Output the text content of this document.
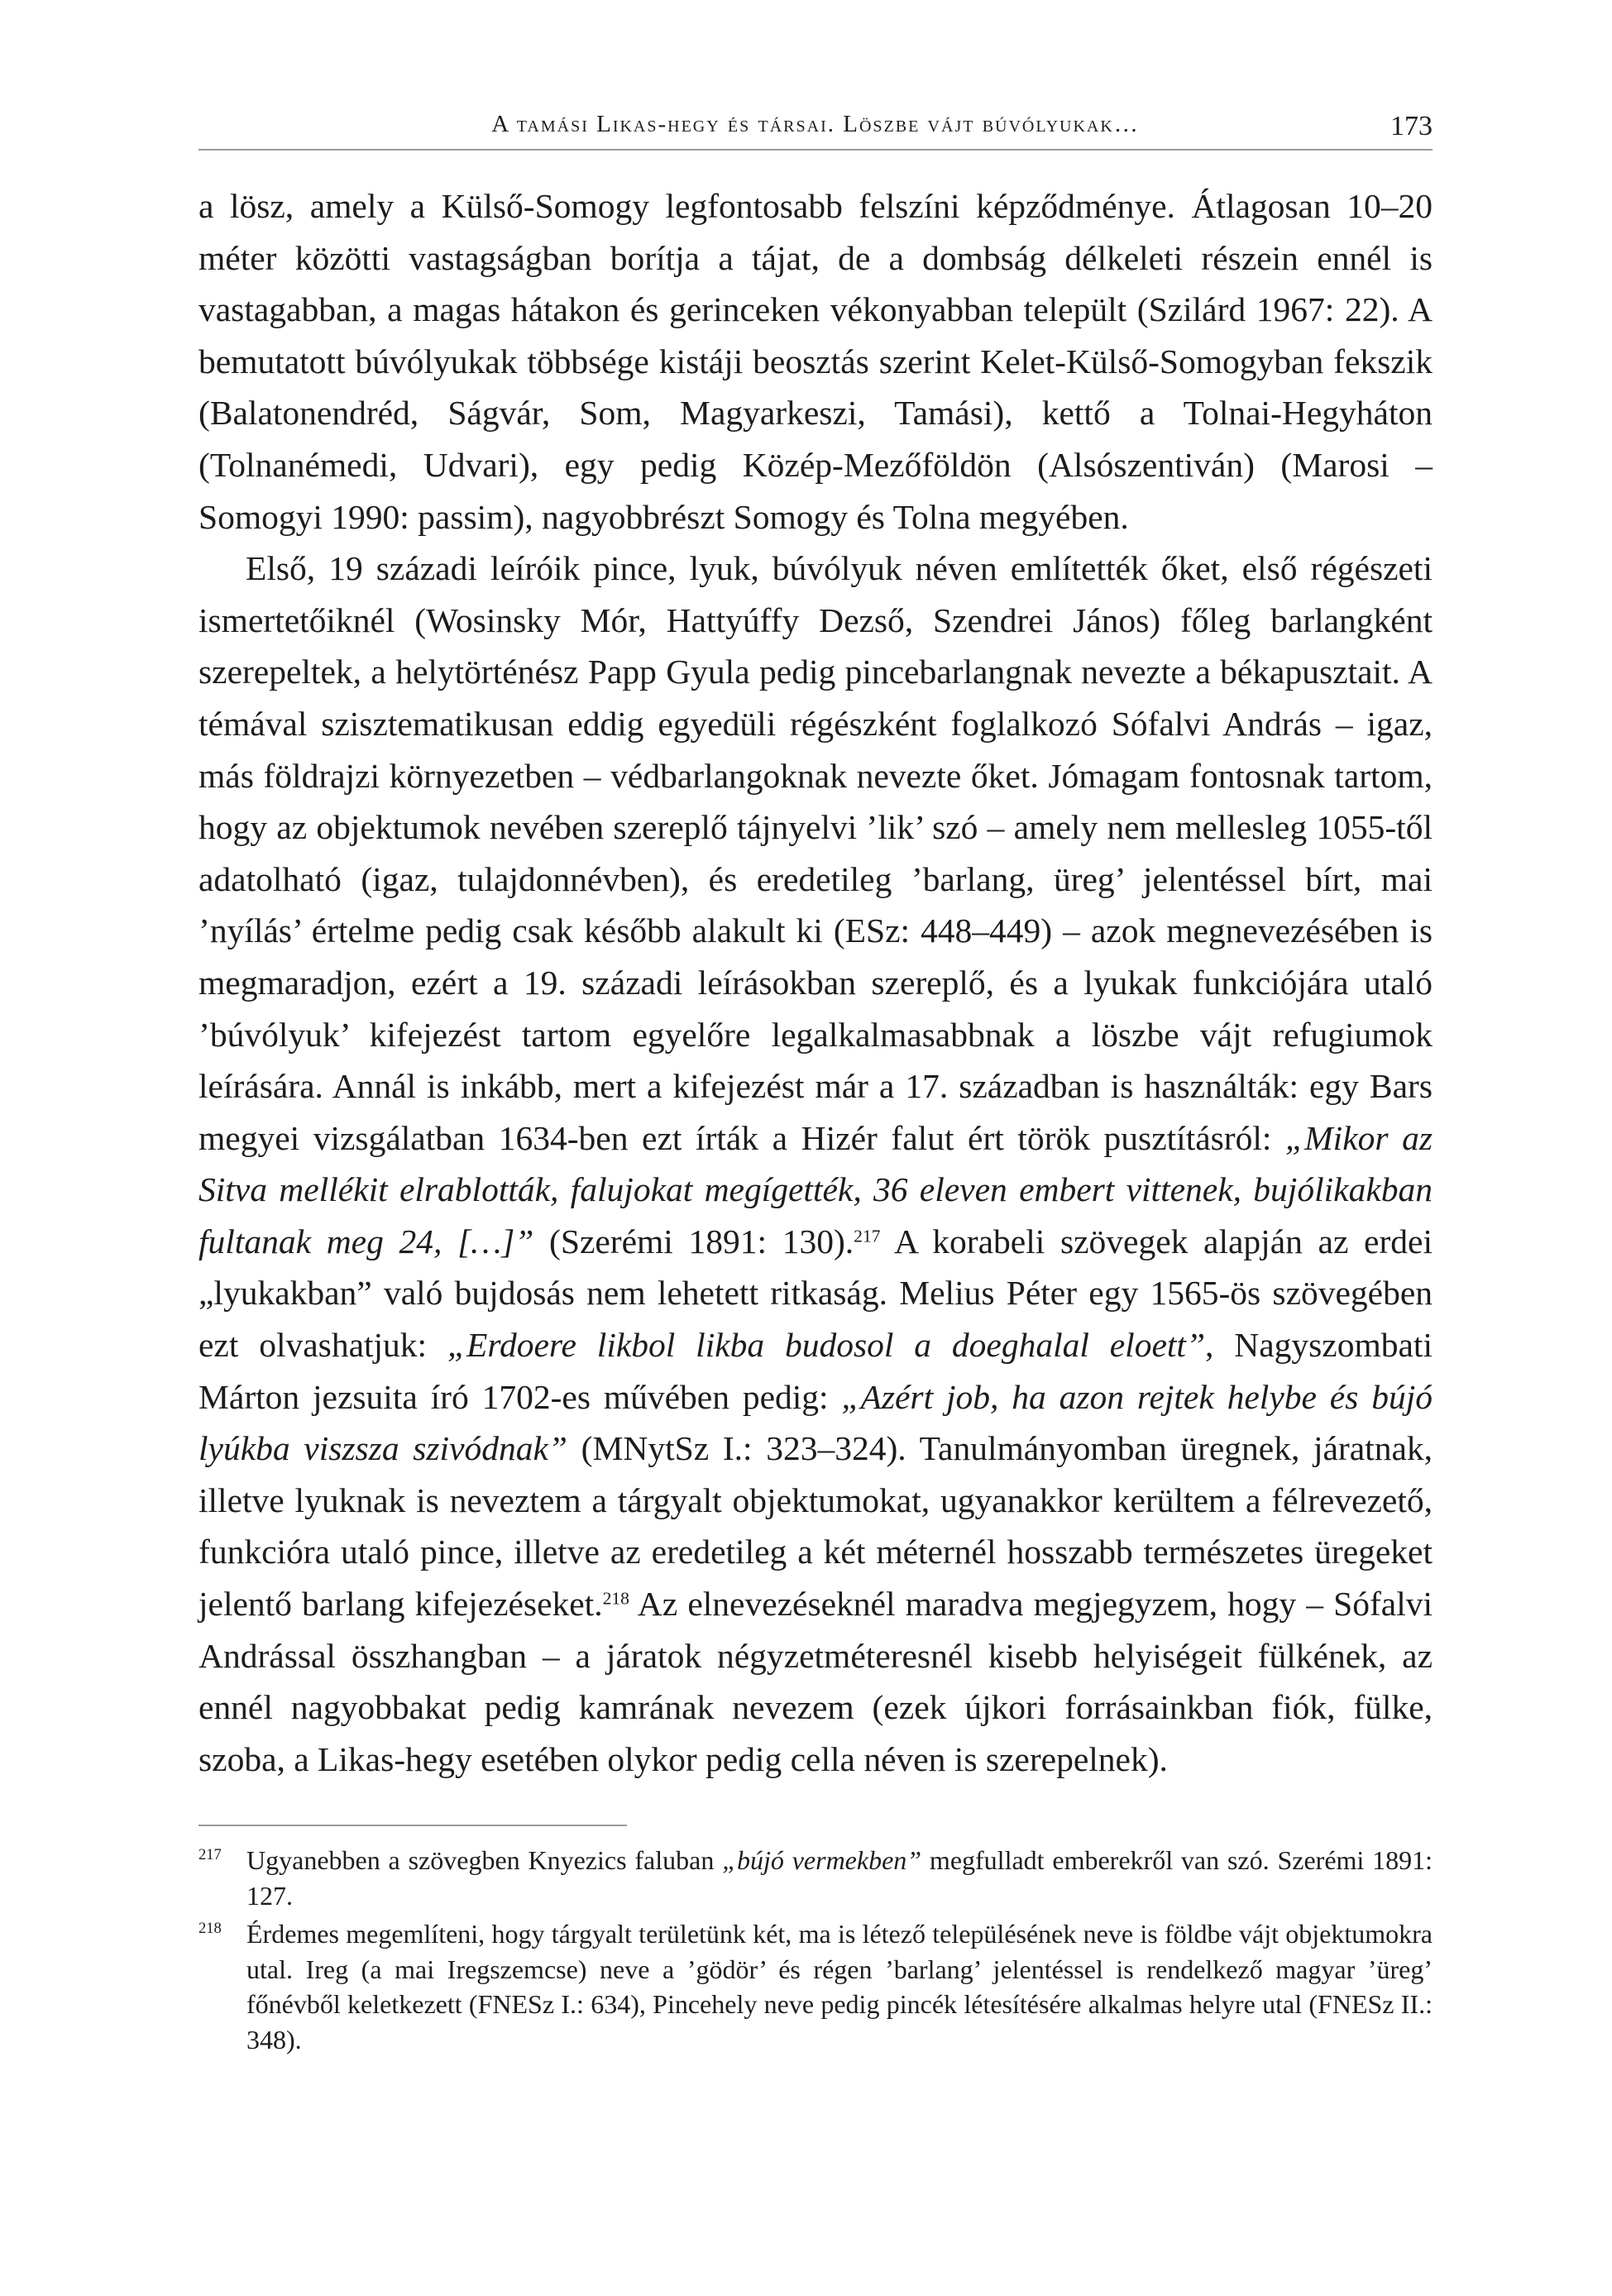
A tamási Likas-hegy és társai. Löszbe vájt búvólyukak…	173

a lösz, amely a Külső-Somogy legfontosabb felszíni képződménye. Átlagosan 10–20 méter közötti vastagságban borítja a tájat, de a dombság délkeleti részein ennél is vastagabban, a magas hátakon és gerinceken vékonyabban települt (Szilárd 1967: 22). A bemutatott búvólyukak többsége kistáji beosztás szerint Kelet-Külső-Somogyban fekszik (Balatonendréd, Ságvár, Som, Magyarkeszi, Tamási), kettő a Tolnai-Hegyháton (Tolnanémedi, Udvari), egy pedig Közép-Mezőföldön (Alsószentiván) (Marosi – Somogyi 1990: passim), nagyobbrészt Somogy és Tolna megyében.

Első, 19 századi leíróik pince, lyuk, búvólyuk néven említették őket, első régészeti ismertetőiknél (Wosinsky Mór, Hattyúffy Dezső, Szendrei János) főleg barlangként szerepeltek, a helytörténész Papp Gyula pedig pincebarlangnak nevezte a békapusztait. A témával szisztematikusan eddig egyedüli régészként foglalkozó Sófalvi András – igaz, más földrajzi környezetben – védbarlangoknak nevezte őket. Jómagam fontosnak tartom, hogy az objektumok nevében szereplő tájnyelvi ’lik’ szó – amely nem mellesleg 1055-től adatolható (igaz, tulajdonnévben), és eredetileg ’barlang, üreg’ jelentéssel bírt, mai ’nyílás’ értelme pedig csak később alakult ki (ESz: 448–449) – azok megnevezésében is megmaradjon, ezért a 19. századi leírásokban szereplő, és a lyukak funkciójára utaló ’búvólyuk’ kifejezést tartom egyelőre legalkalmasabbnak a löszbe vájt refugiumok leírására. Annál is inkább, mert a kifejezést már a 17. században is használták: egy Bars megyei vizsgálatban 1634-ben ezt írták a Hizér falut ért török pusztításról: „Mikor az Sitva mellékit elrablották, falujokat megígették, 36 eleven embert vittenek, bujólikakban fultanak meg 24, […]” (Szerémi 1891: 130).$^{217}$ A korabeli szövegek alapján az erdei „lyukakban” való bujdosás nem lehetett ritkaság. Melius Péter egy 1565-ös szövegében ezt olvashatjuk: „Erdoere likbol likba budosol a doeghalal eloett”, Nagyszombati Márton jezsuita író 1702-es művében pedig: „Azért job, ha azon rejtek helybe és bújó lyúkba viszsza szivódnak” (MNytSz I.: 323–324). Tanulmányomban üregnek, járatnak, illetve lyuknak is neveztem a tárgyalt objektumokat, ugyanakkor kerültem a félrevezető, funkcióra utaló pince, illetve az eredetileg a két méternél hosszabb természetes üregeket jelentő barlang kifejezéseket.$^{218}$ Az elnevezéseknél maradva megjegyzem, hogy – Sófalvi Andrással összhangban – a járatok négyzetméteresnél kisebb helyiségeit fülkének, az ennél nagyobbakat pedig kamrának nevezem (ezek újkori forrásainkban fiók, fülke, szoba, a Likas-hegy esetében olykor pedig cella néven is szerepelnek).

217 Ugyanebben a szövegben Knyezics faluban „bújó vermekben” megfulladt emberekről van szó. Szerémi 1891: 127.
218 Érdemes megemlíteni, hogy tárgyalt területünk két, ma is létező településének neve is földbe vájt objektumokra utal. Ireg (a mai Iregszemcse) neve a ’gödör’ és régen ’barlang’ jelentéssel is rendelkező magyar ’üreg’ főnévből keletkezett (FNESz I.: 634), Pincehely neve pedig pincék létesítésére alkalmas helyre utal (FNESz II.: 348).
